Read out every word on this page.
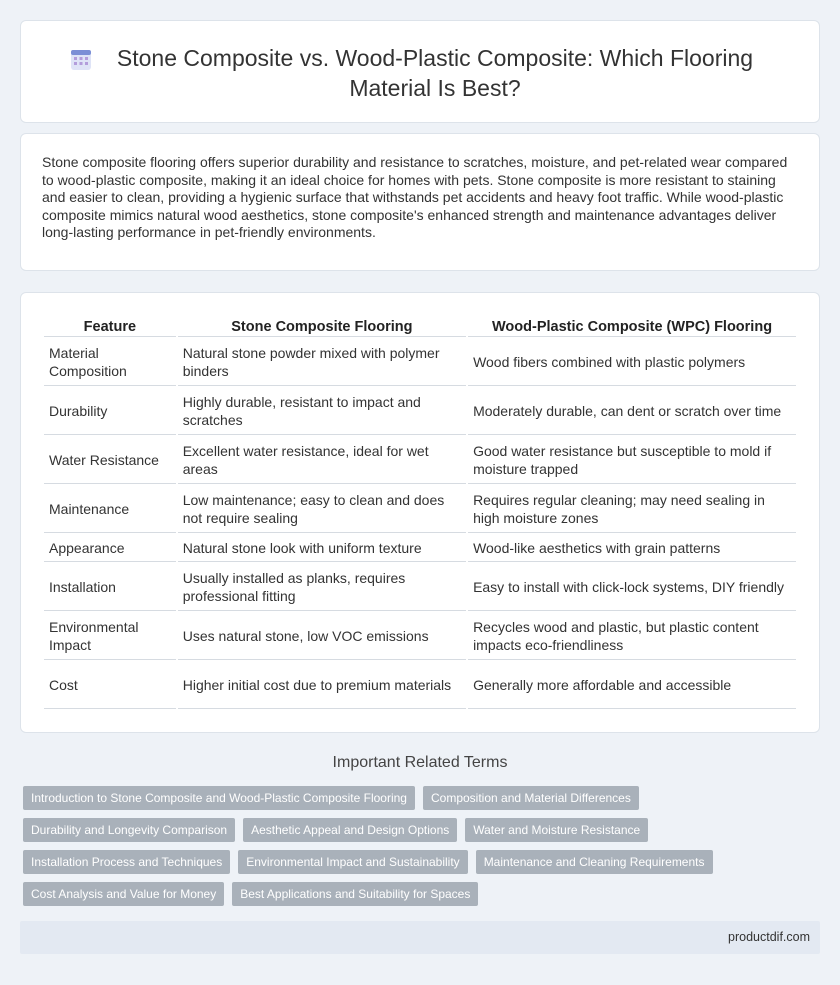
Stone Composite vs. Wood-Plastic Composite: Which Flooring Material Is Best?

Stone composite flooring offers superior durability and resistance to scratches, moisture, and pet-related wear compared to wood-plastic composite, making it an ideal choice for homes with pets. Stone composite is more resistant to staining and easier to clean, providing a hygienic surface that withstands pet accidents and heavy foot traffic. While wood-plastic composite mimics natural wood aesthetics, stone composite's enhanced strength and maintenance advantages deliver long-lasting performance in pet-friendly environments.

Feature	Stone Composite Flooring	Wood-Plastic Composite (WPC) Flooring
Material Composition	Natural stone powder mixed with polymer binders	Wood fibers combined with plastic polymers
Durability	Highly durable, resistant to impact and scratches	Moderately durable, can dent or scratch over time
Water Resistance	Excellent water resistance, ideal for wet areas	Good water resistance but susceptible to mold if moisture trapped
Maintenance	Low maintenance; easy to clean and does not require sealing	Requires regular cleaning; may need sealing in high moisture zones
Appearance	Natural stone look with uniform texture	Wood-like aesthetics with grain patterns
Installation	Usually installed as planks, requires professional fitting	Easy to install with click-lock systems, DIY friendly
Environmental Impact	Uses natural stone, low VOC emissions	Recycles wood and plastic, but plastic content impacts eco-friendliness
Cost	Higher initial cost due to premium materials	Generally more affordable and accessible
Important Related Terms
Introduction to Stone Composite and Wood-Plastic Composite Flooring	Composition and Material Differences
Durability and Longevity Comparison	Aesthetic Appeal and Design Options	Water and Moisture Resistance
Installation Process and Techniques	Environmental Impact and Sustainability	Maintenance and Cleaning Requirements
Cost Analysis and Value for Money	Best Applications and Suitability for Spaces
productdif.com
